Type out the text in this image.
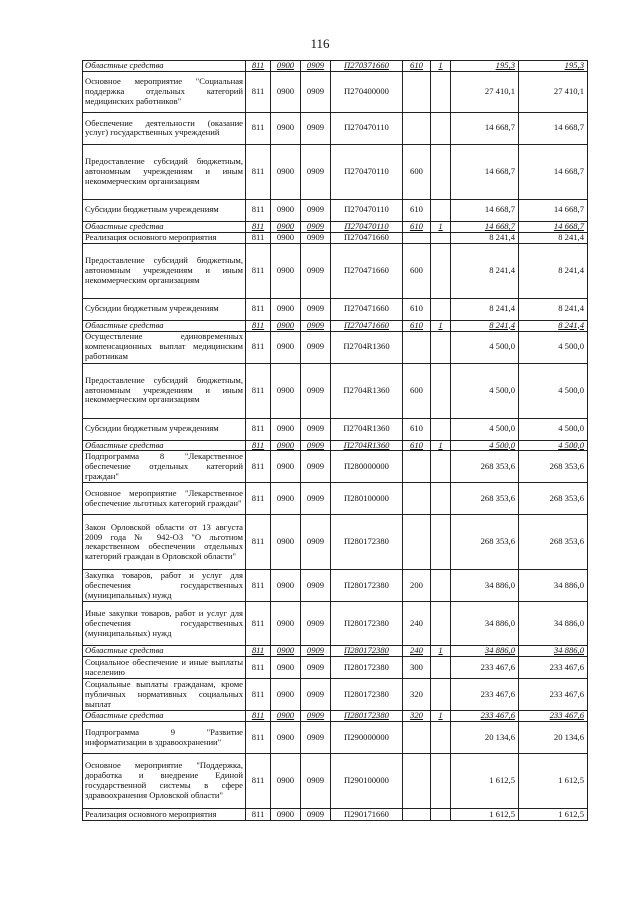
116
Областные средства	811	0900	0909	П270371660	610	1	195,3	195,3
Основное мероприятие "Социальная поддержка отдельных категорий медицинских работников"	811	0900	0909	П270400000			27 410,1	27 410,1
Обеспечение деятельности (оказание услуг) государственных учреждений	811	0900	0909	П270470110			14 668,7	14 668,7
Предоставление субсидий бюджетным, автономным учреждениям и иным некоммерческим организациям	811	0900	0909	П270470110	600		14 668,7	14 668,7
Субсидии бюджетным учреждениям	811	0900	0909	П270470110	610		14 668,7	14 668,7
Областные средства	811	0900	0909	П270470110	610	1	14 668,7	14 668,7
Реализация основного мероприятия	811	0900	0909	П270471660			8 241,4	8 241,4
Предоставление субсидий бюджетным, автономным учреждениям и иным некоммерческим организациям	811	0900	0909	П270471660	600		8 241,4	8 241,4
Субсидии бюджетным учреждениям	811	0900	0909	П270471660	610		8 241,4	8 241,4
Областные средства	811	0900	0909	П270471660	610	1	8 241,4	8 241,4
Осуществление единовременных компенсационных выплат медицинским работникам	811	0900	0909	П2704R1360			4 500,0	4 500,0
Предоставление субсидий бюджетным, автономным учреждениям и иным некоммерческим организациям	811	0900	0909	П2704R1360	600		4 500,0	4 500,0
Субсидии бюджетным учреждениям	811	0900	0909	П2704R1360	610		4 500,0	4 500,0
Областные средства	811	0900	0909	П2704R1360	610	1	4 500,0	4 500,0
Подпрограмма 8 "Лекарственное обеспечение отдельных категорий граждан"	811	0900	0909	П280000000			268 353,6	268 353,6
Основное мероприятие "Лекарственное обеспечение льготных категорий граждан"	811	0900	0909	П280100000			268 353,6	268 353,6
Закон Орловской области от 13 августа 2009 года № 942-ОЗ "О льготном лекарственном обеспечении отдельных категорий граждан в Орловской области"	811	0900	0909	П280172380			268 353,6	268 353,6
Закупка товаров, работ и услуг для обеспечения государственных (муниципальных) нужд	811	0900	0909	П280172380	200		34 886,0	34 886,0
Иные закупки товаров, работ и услуг для обеспечения государственных (муниципальных) нужд	811	0900	0909	П280172380	240		34 886,0	34 886,0
Областные средства	811	0900	0909	П280172380	240	1	34 886,0	34 886,0
Социальное обеспечение и иные выплаты населению	811	0900	0909	П280172380	300		233 467,6	233 467,6
Социальные выплаты гражданам, кроме публичных нормативных социальных выплат	811	0900	0909	П280172380	320		233 467,6	233 467,6
Областные средства	811	0900	0909	П280172380	320	1	233 467,6	233 467,6
Подпрограмма 9 "Развитие информатизации в здравоохранении"	811	0900	0909	П290000000			20 134,6	20 134,6
Основное мероприятие "Поддержка, доработка и внедрение Единой государственной системы в сфере здравоохранения Орловской области"	811	0900	0909	П290100000			1 612,5	1 612,5
Реализация основного мероприятия	811	0900	0909	П290171660			1 612,5	1 612,5
